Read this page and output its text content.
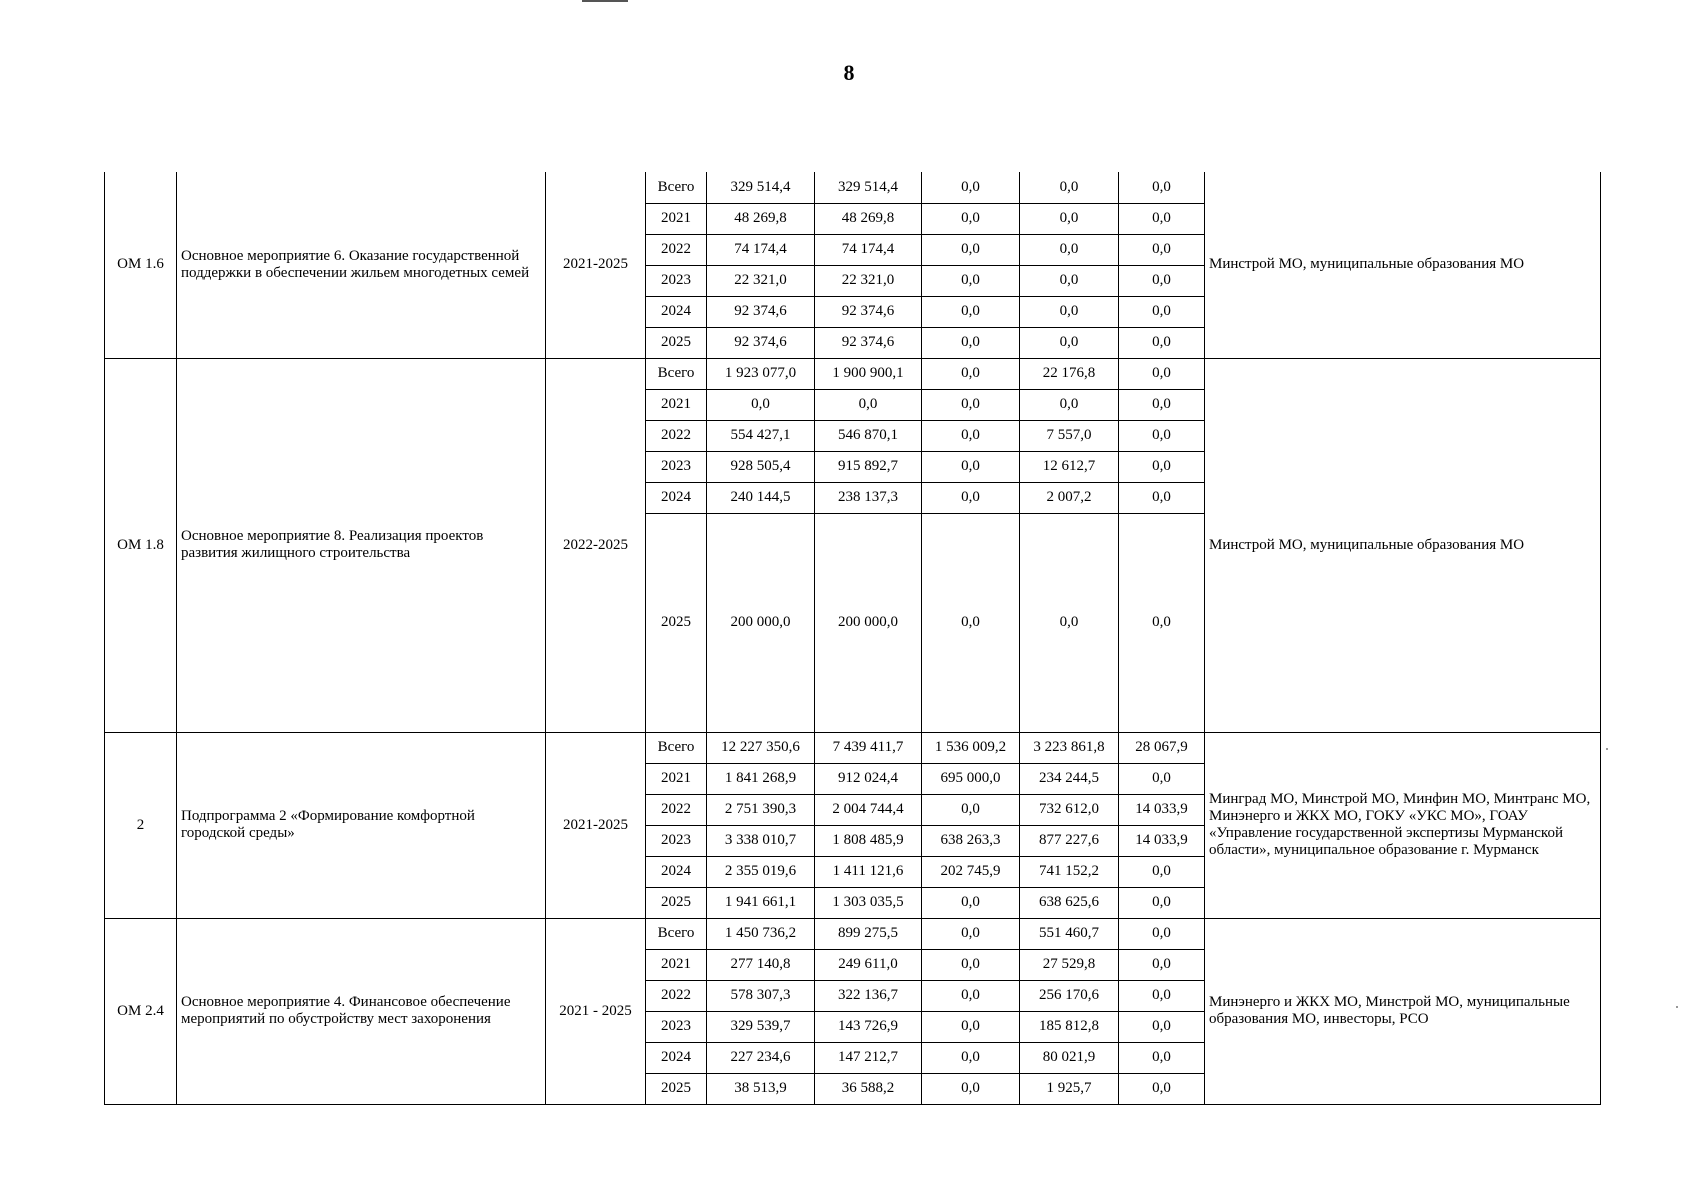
8
ОМ 1.6	Основное мероприятие 6. Оказание государственной поддержки в обеспечении жильем многодетных семей	2021-2025	Всего	329 514,4	329 514,4	0,0	0,0	0,0	Минстрой МО, муниципальные образования МО
			2021	48 269,8	48 269,8	0,0	0,0	0,0	
			2022	74 174,4	74 174,4	0,0	0,0	0,0	
			2023	22 321,0	22 321,0	0,0	0,0	0,0	
			2024	92 374,6	92 374,6	0,0	0,0	0,0	
			2025	92 374,6	92 374,6	0,0	0,0	0,0	
ОМ 1.8	Основное мероприятие 8. Реализация проектов развития жилищного строительства	2022-2025	Всего	1 923 077,0	1 900 900,1	0,0	22 176,8	0,0	Минстрой МО, муниципальные образования МО
			2021	0,0	0,0	0,0	0,0	0,0	
			2022	554 427,1	546 870,1	0,0	7 557,0	0,0	
			2023	928 505,4	915 892,7	0,0	12 612,7	0,0	
			2024	240 144,5	238 137,3	0,0	2 007,2	0,0	
			2025	200 000,0	200 000,0	0,0	0,0	0,0	
2	Подпрограмма 2 «Формирование комфортной городской среды»	2021-2025	Всего	12 227 350,6	7 439 411,7	1 536 009,2	3 223 861,8	28 067,9	Минград МО, Минстрой МО, Минфин МО, Минтранс МО, Минэнерго и ЖКХ МО, ГОКУ «УКС МО», ГОАУ «Управление государственной экспертизы Мурманской области», муниципальное образование г. Мурманск
			2021	1 841 268,9	912 024,4	695 000,0	234 244,5	0,0	
			2022	2 751 390,3	2 004 744,4	0,0	732 612,0	14 033,9	
			2023	3 338 010,7	1 808 485,9	638 263,3	877 227,6	14 033,9	
			2024	2 355 019,6	1 411 121,6	202 745,9	741 152,2	0,0	
			2025	1 941 661,1	1 303 035,5	0,0	638 625,6	0,0	
ОМ 2.4	Основное мероприятие 4. Финансовое обеспечение мероприятий по обустройству мест захоронения	2021 - 2025	Всего	1 450 736,2	899 275,5	0,0	551 460,7	0,0	Минэнерго и ЖКХ МО, Минстрой МО, муниципальные образования МО, инвесторы, РСО
			2021	277 140,8	249 611,0	0,0	27 529,8	0,0	
			2022	578 307,3	322 136,7	0,0	256 170,6	0,0	
			2023	329 539,7	143 726,9	0,0	185 812,8	0,0	
			2024	227 234,6	147 212,7	0,0	80 021,9	0,0	
			2025	38 513,9	36 588,2	0,0	1 925,7	0,0	
